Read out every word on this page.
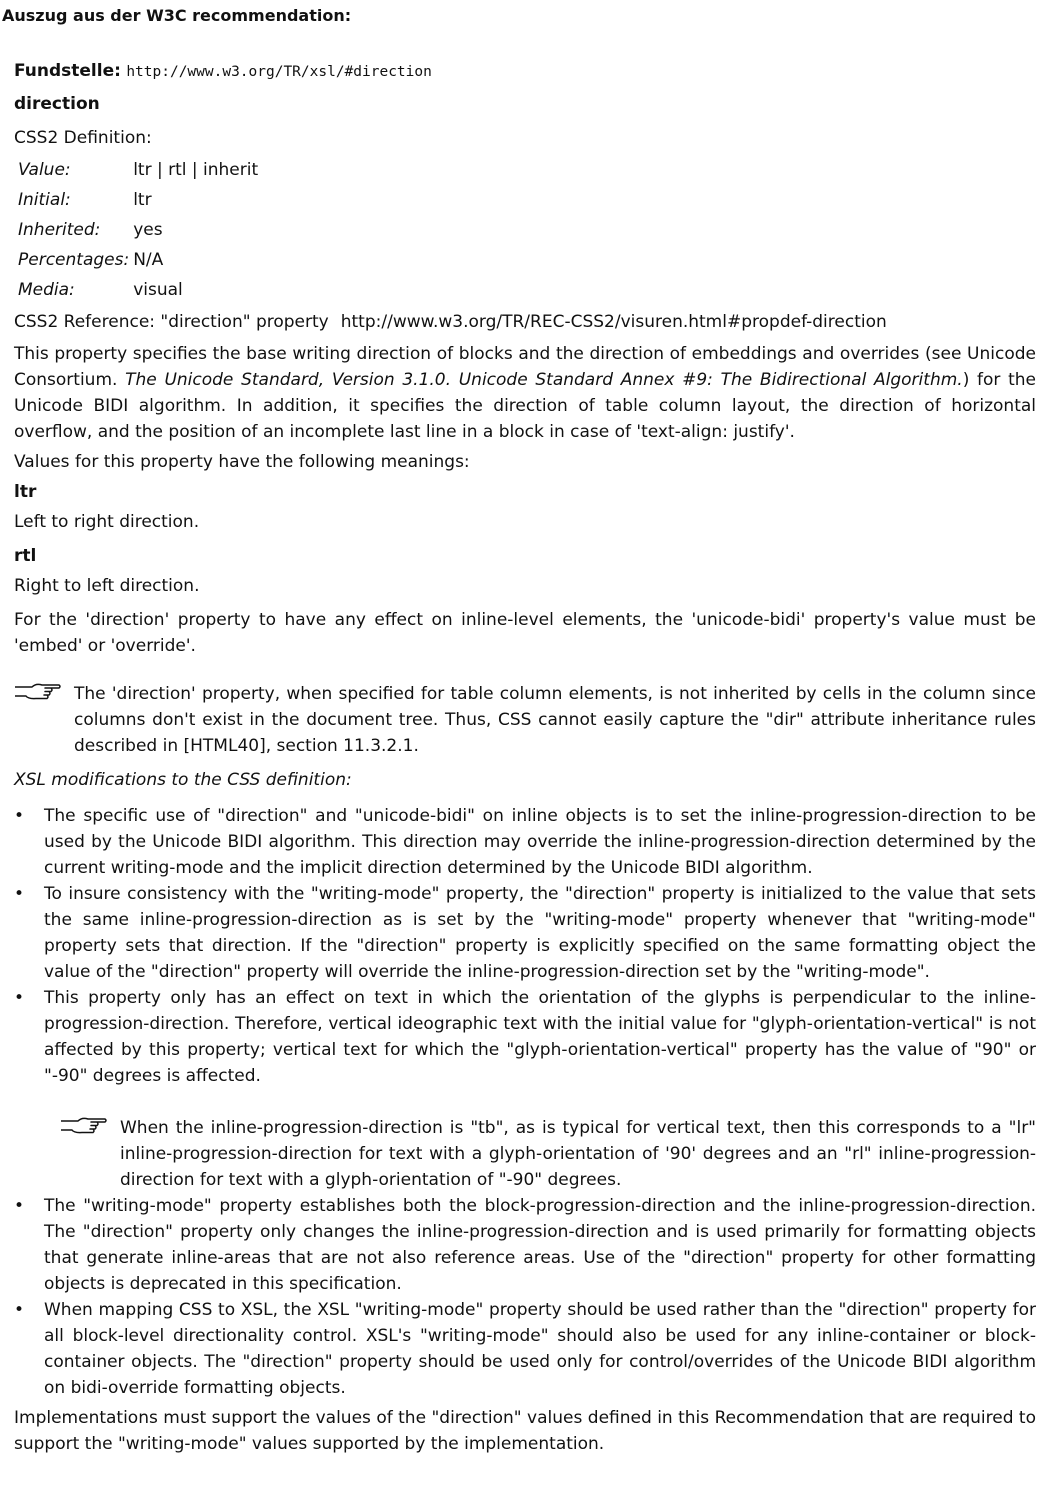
Auszug aus der W3C recommendation:

Fundstelle: http://www.w3.org/TR/xsl/#direction

direction

CSS2 Definition:

Value:	ltr | rtl | inherit
Initial:	ltr
Inherited:	yes
Percentages:	N/A
Media:	visual

CSS2 Reference: "direction" property http://www.w3.org/TR/REC-CSS2/visuren.html#propdef-direction

This property specifies the base writing direction of blocks and the direction of embeddings and overrides (see Unicode Consortium. The Unicode Standard, Version 3.1.0. Unicode Standard Annex #9: The Bidirectional Algorithm.) for the Unicode BIDI algorithm. In addition, it specifies the direction of table column layout, the direction of horizontal overflow, and the position of an incomplete last line in a block in case of 'text-align: justify'.

Values for this property have the following meanings:

ltr

Left to right direction.

rtl

Right to left direction.

For the 'direction' property to have any effect on inline-level elements, the 'unicode-bidi' property's value must be 'embed' or 'override'.

The 'direction' property, when specified for table column elements, is not inherited by cells in the column since columns don't exist in the document tree. Thus, CSS cannot easily capture the "dir" attribute inheritance rules described in [HTML40], section 11.3.2.1.

XSL modifications to the CSS definition:

• The specific use of "direction" and "unicode-bidi" on inline objects is to set the inline-progression-direction to be used by the Unicode BIDI algorithm. This direction may override the inline-progression-direction determined by the current writing-mode and the implicit direction determined by the Unicode BIDI algorithm.
• To insure consistency with the "writing-mode" property, the "direction" property is initialized to the value that sets the same inline-progression-direction as is set by the "writing-mode" property whenever that "writing-mode" property sets that direction. If the "direction" property is explicitly specified on the same formatting object the value of the "direction" property will override the inline-progression-direction set by the "writing-mode".
• This property only has an effect on text in which the orientation of the glyphs is perpendicular to the inline-progression-direction. Therefore, vertical ideographic text with the initial value for "glyph-orientation-vertical" is not affected by this property; vertical text for which the "glyph-orientation-vertical" property has the value of "90" or "-90" degrees is affected.
When the inline-progression-direction is "tb", as is typical for vertical text, then this corresponds to a "lr" inline-progression-direction for text with a glyph-orientation of '90' degrees and an "rl" inline-progression-direction for text with a glyph-orientation of "-90" degrees.
• The "writing-mode" property establishes both the block-progression-direction and the inline-progression-direction. The "direction" property only changes the inline-progression-direction and is used primarily for formatting objects that generate inline-areas that are not also reference areas. Use of the "direction" property for other formatting objects is deprecated in this specification.
• When mapping CSS to XSL, the XSL "writing-mode" property should be used rather than the "direction" property for all block-level directionality control. XSL's "writing-mode" should also be used for any inline-container or block-container objects. The "direction" property should be used only for control/overrides of the Unicode BIDI algorithm on bidi-override formatting objects.

Implementations must support the values of the "direction" values defined in this Recommendation that are required to support the "writing-mode" values supported by the implementation.
